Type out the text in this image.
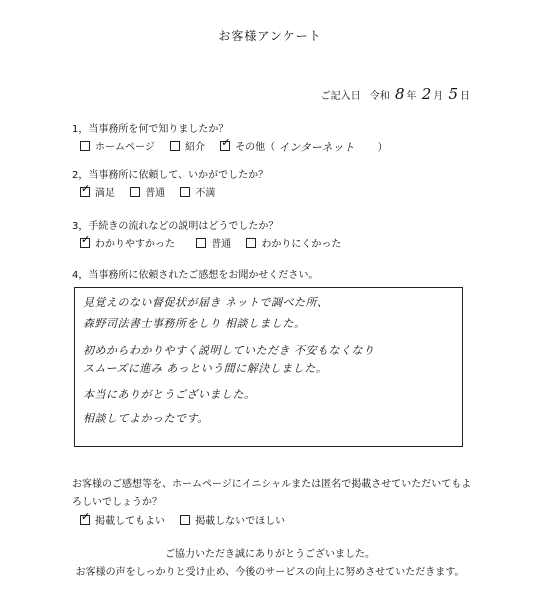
お客様アンケート
ご記入日 令和 8 年 2 月 5 日
1，当事務所を何で知りましたか？
ホームページ
	紹介

✓	その他（ インターネット ）
2，当事務所に依頼して、いかがでしたか？
✓
満足
	普通
	不満
3，手続きの流れなどの説明はどうでしたか？
✓
わかりやすかった
	普通
	わかりにくかった
4，当事務所に依頼されたご感想をお聞かせください。
見覚えのない督促状が届き ネットで調べた所、
森野司法書士事務所をしり 相談しました。
初めからわかりやすく説明していただき 不安もなくなり
スムーズに進み あっという間に解決しました。
本当にありがとうございました。
相談してよかったです。
お客様のご感想等を、ホームページにイニシャルまたは匿名で掲載させていただいてもよ
ろしいでしょうか？
✓
掲載してもよい
	掲載しないでほしい
ご協力いただき誠にありがとうございました。
お客様の声をしっかりと受け止め、今後のサービスの向上に努めさせていただきます。
